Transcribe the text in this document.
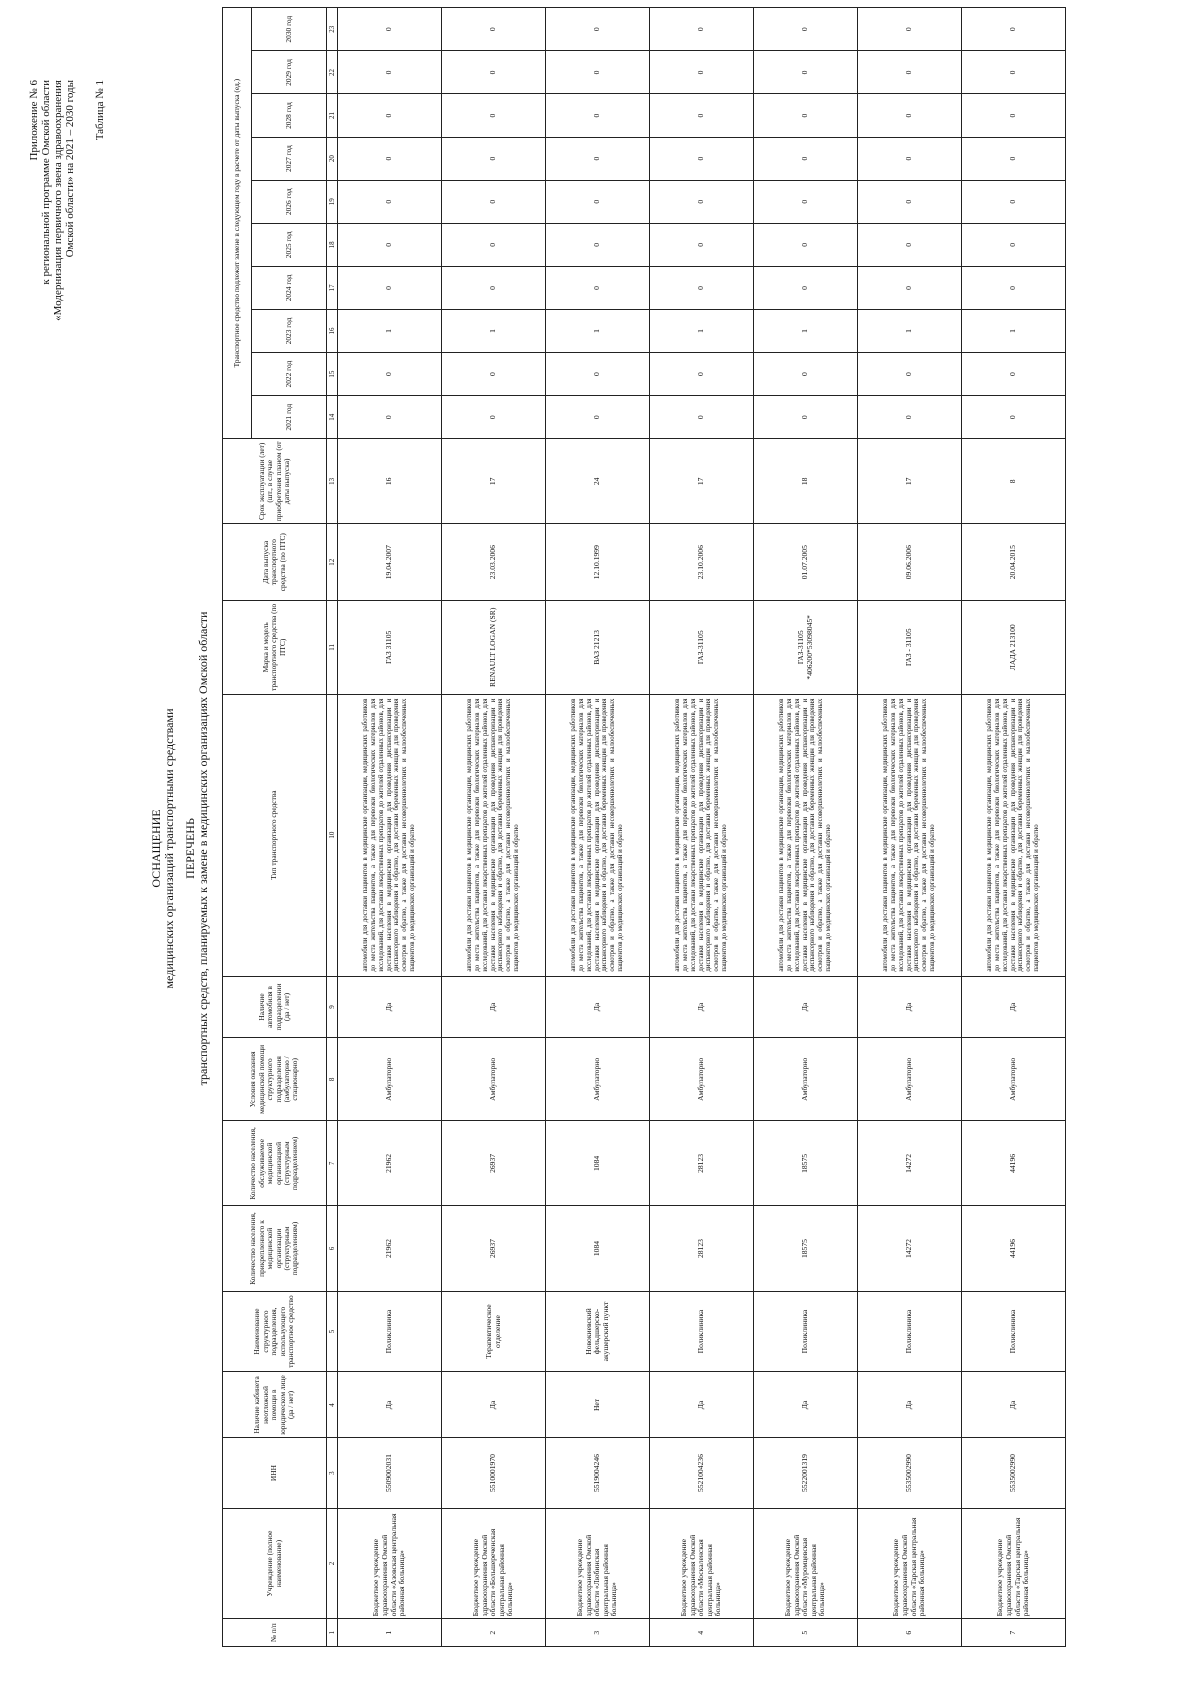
Приложение № 6 к региональной программе Омской области «Модернизация первичного звена здравоохранения Омской области» на 2021 – 2030 годы Таблица № 1
ОСНАЩЕНИЕ медицинских организаций транспортными средствами ПЕРЕЧЕНЬ транспортных средств, планируемых к замене в медицинских организациях Омской области
№ п/п	Учреждение (полное наименование)	ИНН	Наличие кабинета неотложной помощи в юридическом лице (да / нет)	Наименование структурного подразделения, использующего транспортное средство	Количество населения, прикрепленного к медицинской организации (структурным подразделениям)	Количество населения, обслуживаемое медицинской организацией (структурным подразделением)	Условия оказания медицинской помощи структурного подразделения (амбулаторно / стационарно)	Наличие автомобиля в подразделении (да / нет)	Тип транспортного средства	Марка и модель транспортного средства (по ПТС)	Дата выпуска транспортного средства (по ПТС)	Срок эксплуатации (лет) (шт., в случае приобретения планом (от даты выпуска)	Транспортное средство подлежит замене в следующем году в расчете от даты выпуска (ед.)									
													2021 год	2022 год	2023 год	2024 год	2025 год	2026 год	2027 год	2028 год	2029 год	2030 год
1	2	3	4	5	6	7	8	9	10	11	12	13	14	15	16	17	18	19	20	21	22	23
1	Бюджетное учреждение здравоохранения Омской области «Азовская центральная районная больница»	5509002031	Да	Поликлиника	21962	21962	Амбулаторно	Да	автомобили для доставки пациентов в медицинские организации, медицинских работников до места жительства пациентов, а также для перевозки биологических материалов для исследований, для доставки лекарственных препаратов до жителей отдаленных районов, для доставки населения в медицинские организации для проведения диспансеризации и диспансерного наблюдения и обратно, для доставки беременных женщин для проведения осмотров и обратно, а также для доставки несовершеннолетних и малообеспеченных пациентов до медицинских организаций и обратно	ГАЗ 31105	19.04.2007	16	0	0	1	0	0	0	0	0	0	0
2	Бюджетное учреждение здравоохранения Омской области «Большереченская центральная районная больница»	5510001970	Да	Терапевтическое отделение	26937	26937	Амбулаторно	Да	автомобили для доставки пациентов в медицинские организации, медицинских работников до места жительства пациентов, а также для перевозки биологических материалов для исследований, для доставки лекарственных препаратов до жителей отдаленных районов, для доставки населения в медицинские организации для проведения диспансеризации и диспансерного наблюдения и обратно, для доставки беременных женщин для проведения осмотров и обратно, а также для доставки несовершеннолетних и малообеспеченных пациентов до медицинских организаций и обратно	RENAULT LOGAN (SR)	23.03.2006	17	0	0	1	0	0	0	0	0	0	0
3	Бюджетное учреждение здравоохранения Омской области «Любинская центральная районная больница»	5519004246	Нет	Новокиевский фельдшерско-акушерский пункт	1084	1084	Амбулаторно	Да	автомобили для доставки пациентов в медицинские организации, медицинских работников до места жительства пациентов, а также для перевозки биологических материалов для исследований, для доставки лекарственных препаратов до жителей отдаленных районов, для доставки населения в медицинские организации для проведения диспансеризации и диспансерного наблюдения и обратно, для доставки беременных женщин для проведения осмотров и обратно, а также для доставки несовершеннолетних и малообеспеченных пациентов до медицинских организаций и обратно	ВАЗ 21213	12.10.1999	24	0	0	1	0	0	0	0	0	0	0
4	Бюджетное учреждение здравоохранения Омской области «Москаленская центральная районная больница»	5521004236	Да	Поликлиника	28123	28123	Амбулаторно	Да	автомобили для доставки пациентов в медицинские организации, медицинских работников до места жительства пациентов, а также для перевозки биологических материалов для исследований, для доставки лекарственных препаратов до жителей отдаленных районов, для доставки населения в медицинские организации для проведения диспансеризации и диспансерного наблюдения и обратно, для доставки беременных женщин для проведения осмотров и обратно, а также для доставки несовершеннолетних и малообеспеченных пациентов до медицинских организаций и обратно	ГАЗ-31105	23.10.2006	17	0	0	1	0	0	0	0	0	0	0
5	Бюджетное учреждение здравоохранения Омской области «Муромцевская центральная районная больница»	5522001319	Да	Поликлиника	18575	18575	Амбулаторно	Да	автомобили для доставки пациентов в медицинские организации, медицинских работников до места жительства пациентов, а также для перевозки биологических материалов для исследований, для доставки лекарственных препаратов до жителей отдаленных районов, для доставки населения в медицинские организации для проведения диспансеризации и диспансерного наблюдения и обратно, для доставки беременных женщин для проведения осмотров и обратно, а также для доставки несовершеннолетних и малообеспеченных пациентов до медицинских организаций и обратно	ГАЗ-31105 *406200*53098045*	01.07.2005	18	0	0	1	0	0	0	0	0	0	0
6	Бюджетное учреждение здравоохранения Омской области «Тарская центральная районная больница»	5535002990	Да	Поликлиника	14272	14272	Амбулаторно	Да	автомобили для доставки пациентов в медицинские организации, медицинских работников до места жительства пациентов, а также для перевозки биологических материалов для исследований, для доставки лекарственных препаратов до жителей отдаленных районов, для доставки населения в медицинские организации для проведения диспансеризации и диспансерного наблюдения и обратно, для доставки беременных женщин для проведения осмотров и обратно, а также для доставки несовершеннолетних и малообеспеченных пациентов до медицинских организаций и обратно	ГАЗ - 31105	09.06.2006	17	0	0	1	0	0	0	0	0	0	0
7	Бюджетное учреждение здравоохранения Омской области «Тарская центральная районная больница»	5535002990	Да	Поликлиника	44196	44196	Амбулаторно	Да	автомобили для доставки пациентов в медицинские организации, медицинских работников до места жительства пациентов, а также для перевозки биологических материалов для исследований, для доставки лекарственных препаратов до жителей отдаленных районов, для доставки населения в медицинские организации для проведения диспансеризации и диспансерного наблюдения и обратно, для доставки беременных женщин для проведения осмотров и обратно, а также для доставки несовершеннолетних и малообеспеченных пациентов до медицинских организаций и обратно	ЛАДА 213100	20.04.2015	8	0	0	1	0	0	0	0	0	0	0
